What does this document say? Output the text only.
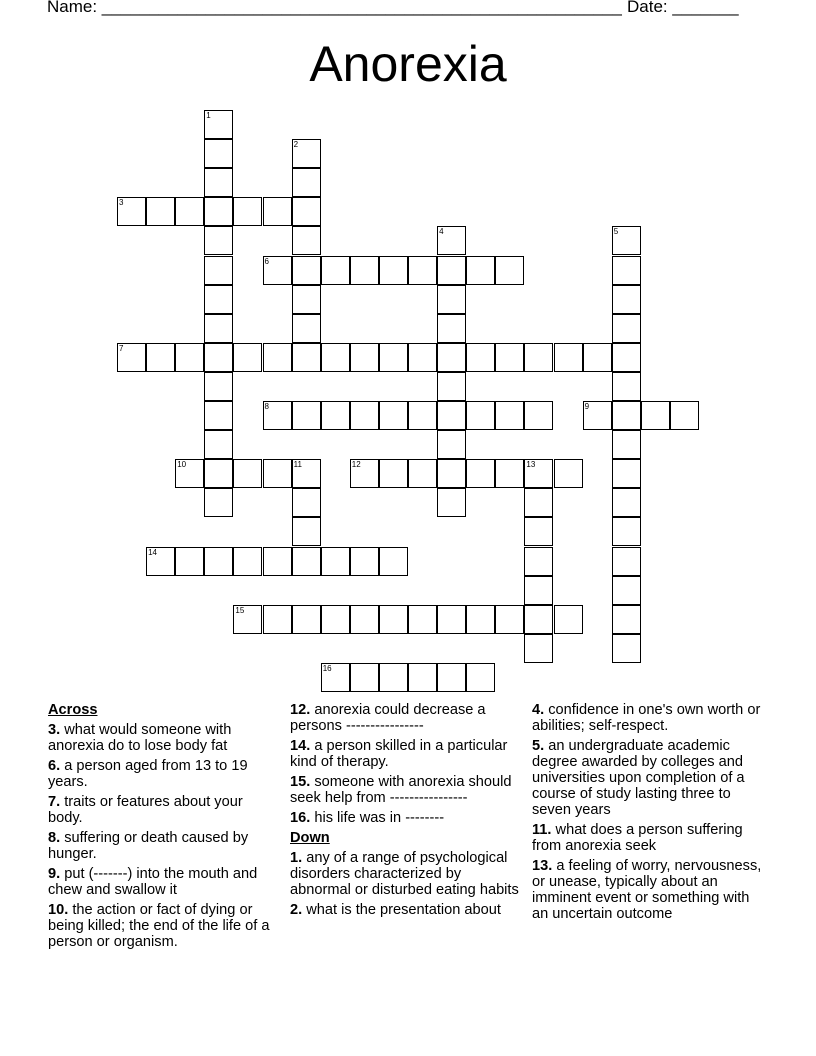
Name: _______________________________________________________ Date: _______
Anorexia
1
2
3
4	5
6
7
8	9
10	11	12	13
14
15
16
Across
3. what would someone with anorexia do to lose body fat
6. a person aged from 13 to 19 years.
7. traits or features about your body.
8. suffering or death caused by hunger.
9. put (-------) into the mouth and chew and swallow it
10. the action or fact of dying or being killed; the end of the life of a person or organism.
12. anorexia could decrease a persons ----------------
14. a person skilled in a particular kind of therapy.
15. someone with anorexia should seek help from ----------------
16. his life was in --------
Down
1. any of a range of psychological disorders characterized by abnormal or disturbed eating habits
2. what is the presentation about
4. confidence in one's own worth or abilities; self-respect.
5. an undergraduate academic degree awarded by colleges and universities upon completion of a course of study lasting three to seven years
11. what does a person suffering from anorexia seek
13. a feeling of worry, nervousness, or unease, typically about an imminent event or something with an uncertain outcome
